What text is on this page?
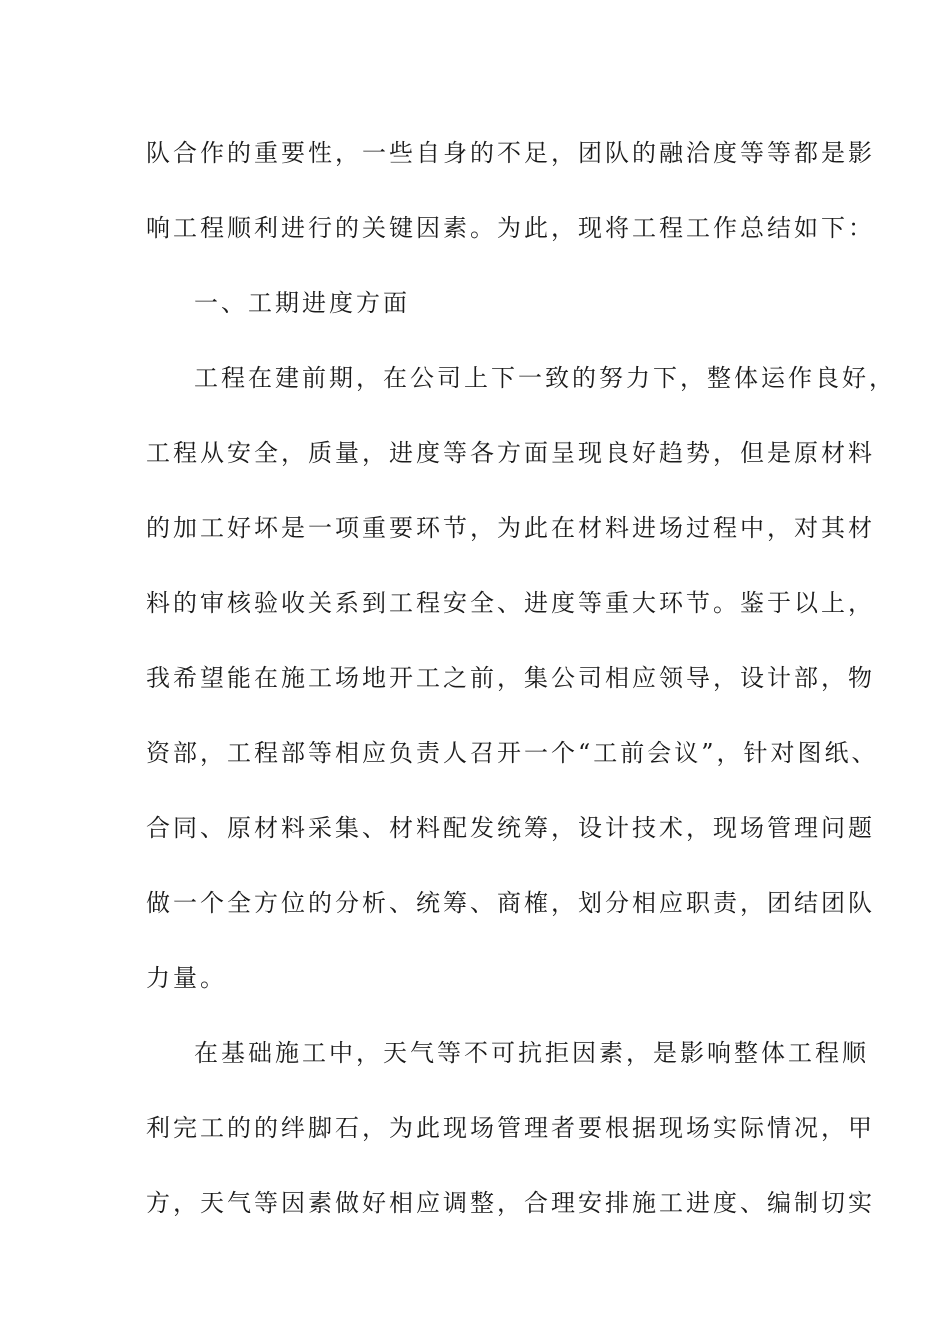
队合作的重要性，一些自身的不足，团队的融洽度等等都是影
响工程顺利进行的关键因素。为此，现将工程工作总结如下：
一、工期进度方面
工程在建前期，在公司上下一致的努力下，整体运作良好，
工程从安全，质量，进度等各方面呈现良好趋势，但是原材料
的加工好坏是一项重要环节，为此在材料进场过程中，对其材
料的审核验收关系到工程安全、进度等重大环节。鉴于以上，
我希望能在施工场地开工之前，集公司相应领导，设计部，物
资部，工程部等相应负责人召开一个“工前会议”，针对图纸、
合同、原材料采集、材料配发统筹，设计技术，现场管理问题
做一个全方位的分析、统筹、商榷，划分相应职责，团结团队
力量。
在基础施工中，天气等不可抗拒因素，是影响整体工程顺
利完工的的绊脚石，为此现场管理者要根据现场实际情况，甲
方，天气等因素做好相应调整，合理安排施工进度、编制切实
